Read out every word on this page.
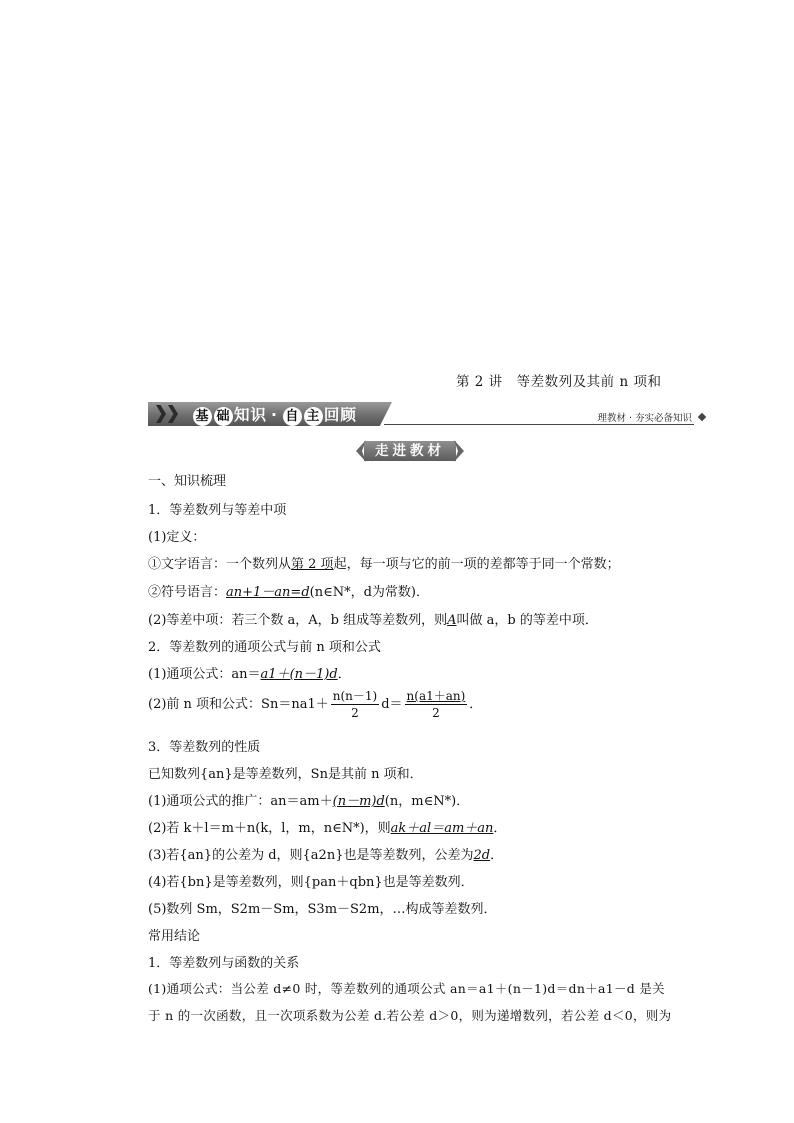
第 2 讲　等差数列及其前 n 项和
基 础 知识 · 自 主 回顾	理教材 · 夯实必备知识
走进教材
一、知识梳理
1．等差数列与等差中项
(1)定义：
①文字语言：一个数列从第 2 项起，每一项与它的前一项的差都等于同一个常数；
②符号语言：an+1－an=d(n∈N*，d为常数)．
(2)等差中项：若三个数 a，A，b 组成等差数列，则A叫做 a，b 的等差中项．
2．等差数列的通项公式与前 n 项和公式
(1)通项公式：an＝a1＋(n－1)d．
(2)前 n 项和公式：$Sn=na1+ \frac{n(n-1)}{2} d= \frac{n(a1+an)}{2}$ ．
3．等差数列的性质
已知数列{an}是等差数列，Sn是其前 n 项和．
(1)通项公式的推广：an＝am＋(n－m)d(n，m∈N*)．
(2)若 k＋l＝m＋n(k，l，m，n∈N*)，则ak＋al＝am＋an．
(3)若{an}的公差为 d，则{a2n}也是等差数列，公差为2d．
(4)若{bn}是等差数列，则{pan＋qbn}也是等差数列．
(5)数列 Sm，S2m－Sm，S3m－S2m，…构成等差数列．
常用结论
1．等差数列与函数的关系
(1)通项公式：当公差 d≠0 时，等差数列的通项公式 an＝a1＋(n－1)d＝dn＋a1－d 是关
于 n 的一次函数，且一次项系数为公差 d.若公差 d＞0，则为递增数列，若公差 d＜0，则为
